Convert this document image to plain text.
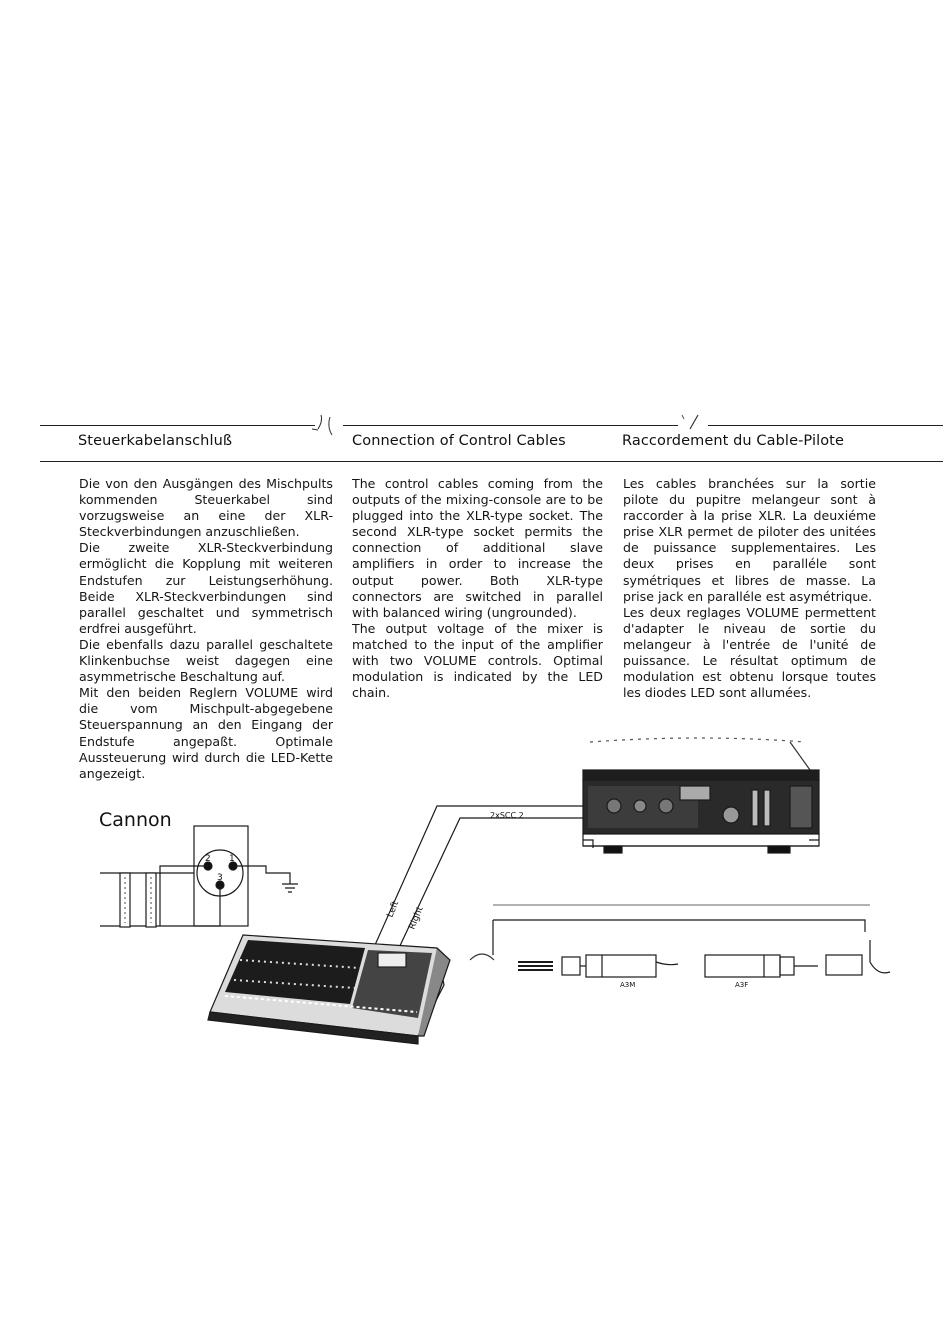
Steuerkabelanschluß	Connection of Control Cables	Raccordement du Cable-Pilote

Die von den Ausgängen des Mischpults kommenden Steuerkabel sind vorzugsweise an eine der XLR-Steckverbindungen anzuschließen.

Die zweite XLR-Steckverbindung ermöglicht die Kopplung mit weiteren Endstufen zur Leistungserhöhung. Beide XLR-Steckverbindungen sind parallel geschaltet und symmetrisch erdfrei ausgeführt.

Die ebenfalls dazu parallel geschaltete Klinkenbuchse weist dagegen eine asymmetrische Beschaltung auf.

Mit den beiden Reglern VOLUME wird die vom Mischpult-abgegebene Steuerspannung an den Eingang der Endstufe angepaßt. Optimale Aussteuerung wird durch die LED-Kette angezeigt.

The control cables coming from the outputs of the mixing-console are to be plugged into the XLR-type socket. The second XLR-type socket permits the connection of additional slave amplifiers in order to increase the output power. Both XLR-type connectors are switched in parallel with balanced wiring (ungrounded).

The output voltage of the mixer is matched to the input of the amplifier with two VOLUME controls. Optimal modulation is indicated by the LED chain.

Les cables branchées sur la sortie pilote du pupitre melangeur sont à raccorder à la prise XLR. La deuxiéme prise XLR permet de piloter des unitées de puissance supplementaires. Les deux prises en paralléle sont symétriques et libres de masse. La prise jack en paralléle est asymétrique.

Les deux reglages VOLUME permettent d'adapter le niveau de sortie du melangeur à l'entrée de l'unité de puissance. Le résultat optimum de modulation est obtenu lorsque toutes les diodes LED sont allumées.

Cannon	2xSCC 2
Left Right
2 1
3
A3M	A3F
